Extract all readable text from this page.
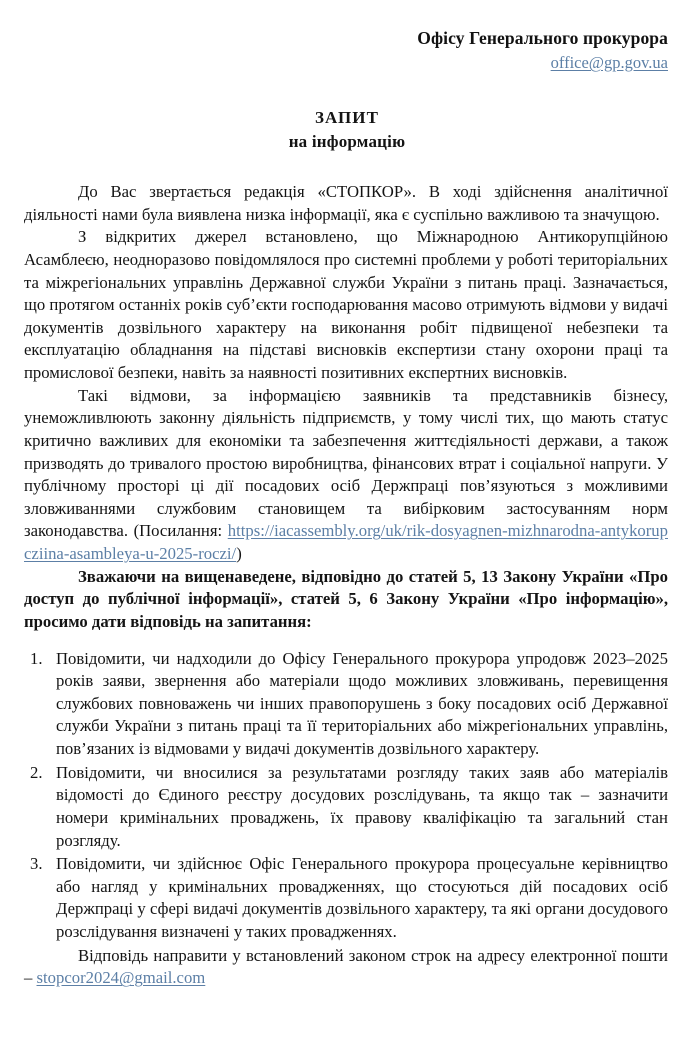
Офісу Генерального прокурора
office@gp.gov.ua
ЗАПИТ
на інформацію

До Вас звертається редакція «СТОПКОР». В ході здійснення аналітичної діяльності нами була виявлена низка інформації, яка є суспільно важливою та значущою.

З відкритих джерел встановлено, що Міжнародною Антикорупційною Асамблеєю, неодноразово повідомлялося про системні проблеми у роботі територіальних та міжрегіональних управлінь Державної служби України з питань праці. Зазначається, що протягом останніх років суб’єкти господарювання масово отримують відмови у видачі документів дозвільного характеру на виконання робіт підвищеної небезпеки та експлуатацію обладнання на підставі висновків експертизи стану охорони праці та промислової безпеки, навіть за наявності позитивних експертних висновків.

Такі відмови, за інформацією заявників та представників бізнесу, унеможливлюють законну діяльність підприємств, у тому числі тих, що мають статус критично важливих для економіки та забезпечення життєдіяльності держави, а також призводять до тривалого простою виробництва, фінансових втрат і соціальної напруги. У публічному просторі ці дії посадових осіб Держпраці пов’язуються з можливими зловживаннями службовим становищем та вибірковим застосуванням норм законодавства. (Посилання: https://iacassembly.org/uk/rik-dosyagnen-mizhnarodna-antykorupcziina-asambleya-u-2025-roczi/)

Зважаючи на вищенаведене, відповідно до статей 5, 13 Закону України «Про доступ до публічної інформації», статей 5, 6 Закону України «Про інформацію», просимо дати відповідь на запитання:

Повідомити, чи надходили до Офісу Генерального прокурора упродовж 2023–2025 років заяви, звернення або матеріали щодо можливих зловживань, перевищення службових повноважень чи інших правопорушень з боку посадових осіб Державної служби України з питань праці та її територіальних або міжрегіональних управлінь, пов’язаних із відмовами у видачі документів дозвільного характеру.
Повідомити, чи вносилися за результатами розгляду таких заяв або матеріалів відомості до Єдиного реєстру досудових розслідувань, та якщо так – зазначити номери кримінальних проваджень, їх правову кваліфікацію та загальний стан розгляду.
Повідомити, чи здійснює Офіс Генерального прокурора процесуальне керівництво або нагляд у кримінальних провадженнях, що стосуються дій посадових осіб Держпраці у сфері видачі документів дозвільного характеру, та які органи досудового розслідування визначені у таких провадженнях.

Відповідь направити у встановлений законом строк на адресу електронної пошти – stopcor2024@gmail.com
